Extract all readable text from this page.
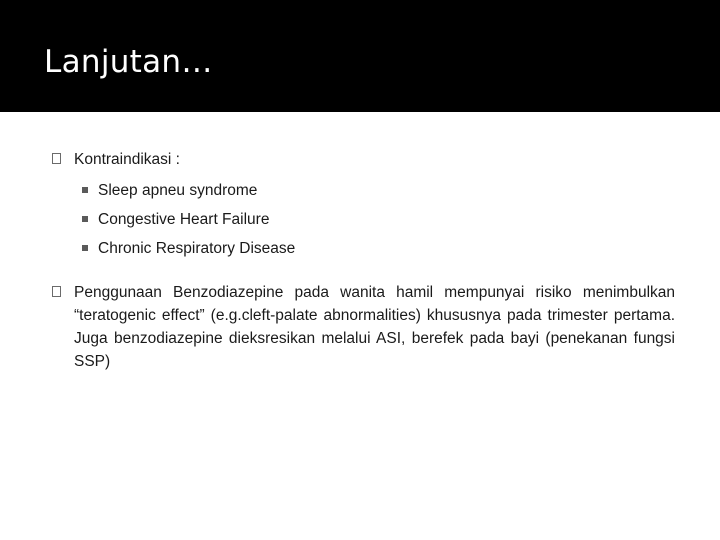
Lanjutan…
Kontraindikasi :
Sleep apneu syndrome
Congestive Heart Failure
Chronic Respiratory Disease
Penggunaan Benzodiazepine pada wanita hamil mempunyai risiko menimbulkan “teratogenic effect” (e.g.cleft-palate abnormalities) khususnya pada trimester pertama. Juga benzodiazepine dieksresikan melalui ASI, berefek pada bayi (penekanan fungsi SSP)
